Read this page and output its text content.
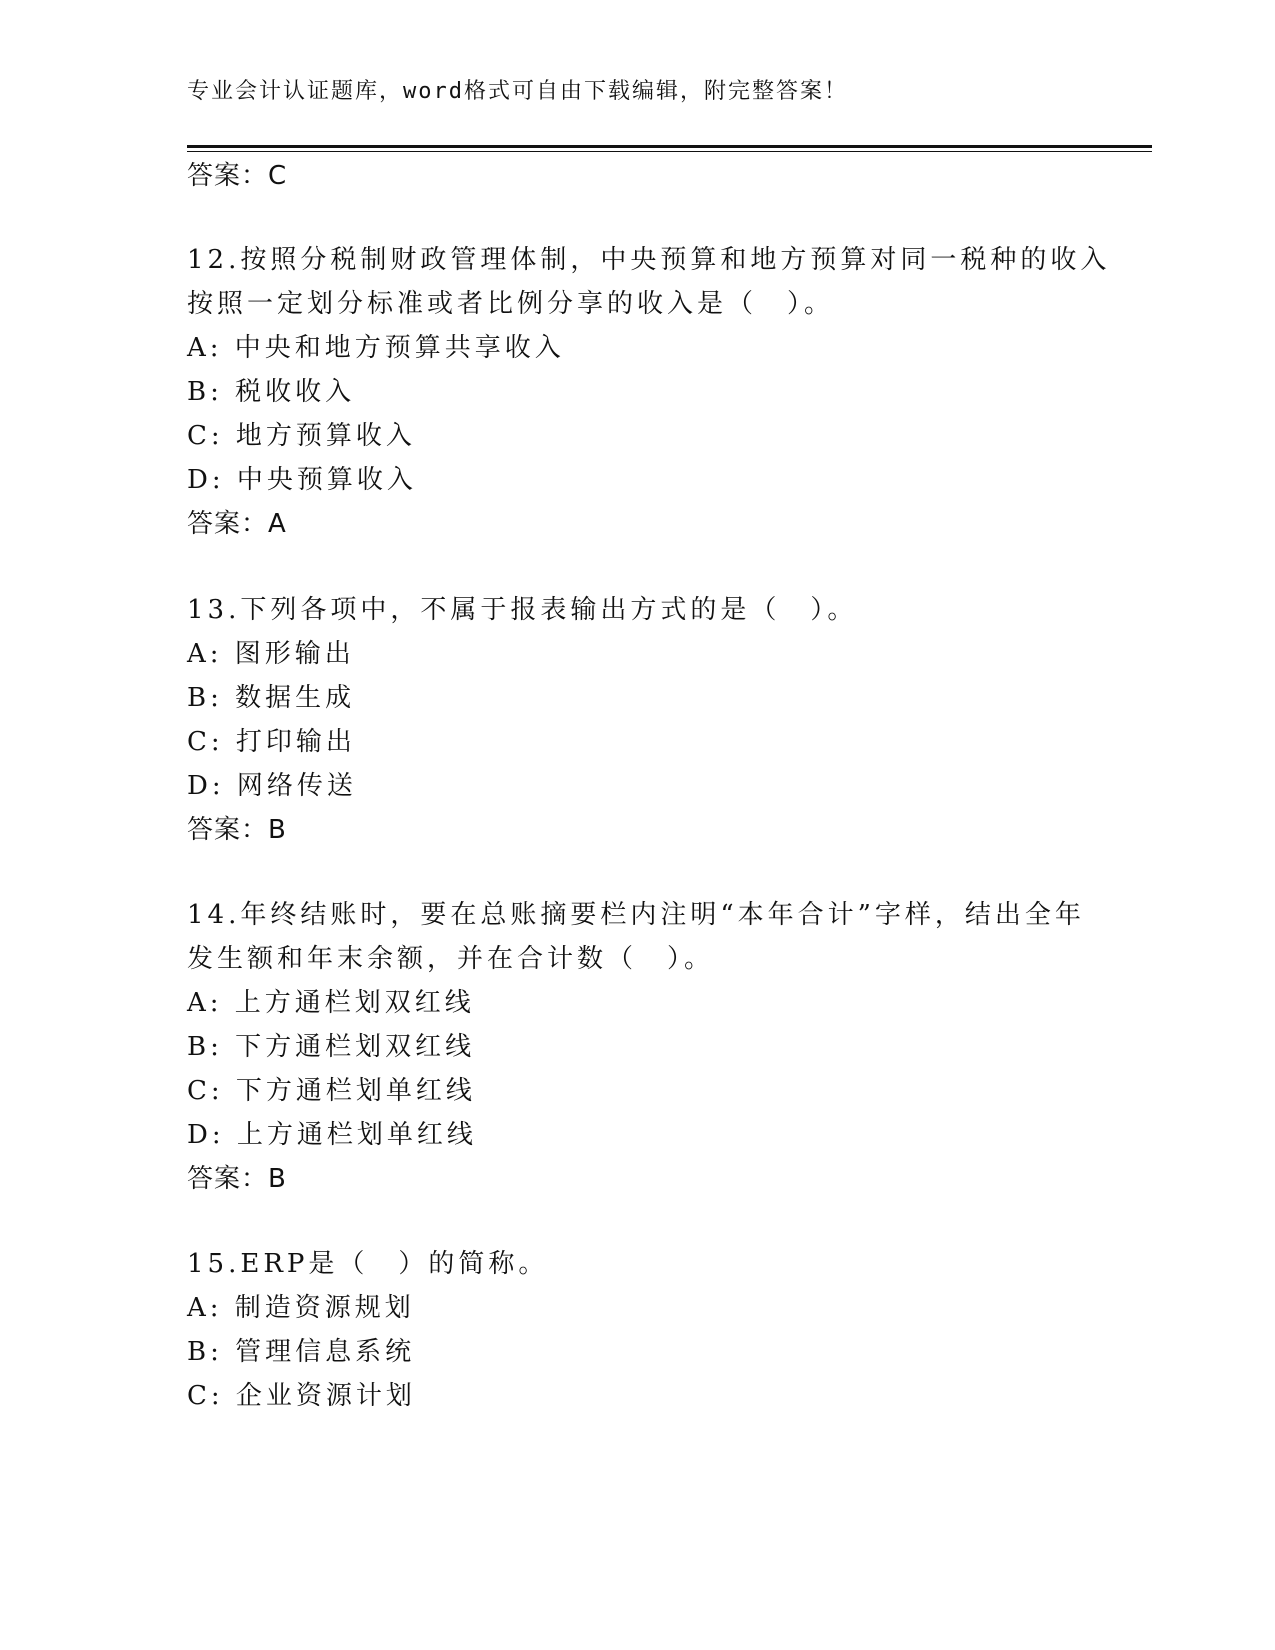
专业会计认证题库，word格式可自由下载编辑，附完整答案！
答案：C
12.按照分税制财政管理体制，中央预算和地方预算对同一税种的收入
按照一定划分标准或者比例分享的收入是（　）。
A: 中央和地方预算共享收入
B: 税收收入
C: 地方预算收入
D: 中央预算收入
答案：A
13.下列各项中，不属于报表输出方式的是（　）。
A: 图形输出
B: 数据生成
C: 打印输出
D: 网络传送
答案：B
14.年终结账时，要在总账摘要栏内注明“本年合计”字样，结出全年
发生额和年末余额，并在合计数（　）。
A: 上方通栏划双红线
B: 下方通栏划双红线
C: 下方通栏划单红线
D: 上方通栏划单红线
答案：B
15.ERP是（　）的简称。
A: 制造资源规划
B: 管理信息系统
C: 企业资源计划
